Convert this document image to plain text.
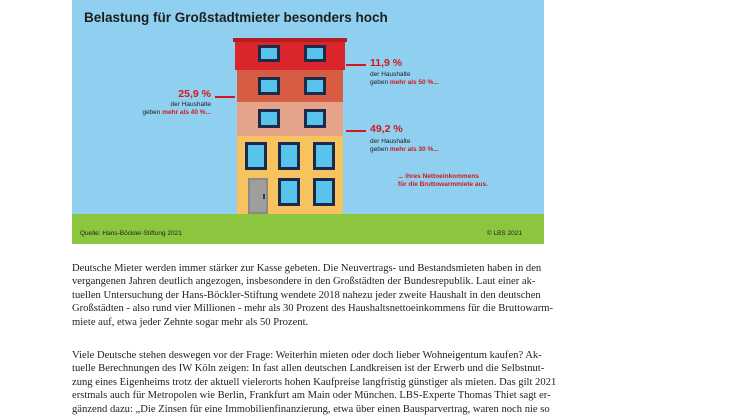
Belastung für Großstadtmieter besonders hoch
11,9 %
der Haushalte
geben mehr als 50 %...
25,9 %
der Haushalte
geben mehr als 40 %...
49,2 %
der Haushalte
geben mehr als 30 %...
... ihres Nettoeinkommens
für die Bruttowarmmiete aus.
Quelle: Hans-Böckler-Stiftung 2021	© LBS 2021

Deutsche Mieter werden immer stärker zur Kasse gebeten. Die Neuvertrags- und Bestandsmieten haben in den
vergangenen Jahren deutlich angezogen, insbesondere in den Großstädten der Bundesrepublik. Laut einer ak-
tuellen Untersuchung der Hans-Böckler-Stiftung wendete 2018 nahezu jeder zweite Haushalt in den deutschen
Großstädten - also rund vier Millionen - mehr als 30 Prozent des Haushaltsnettoeinkommens für die Bruttowarm-
miete auf, etwa jeder Zehnte sogar mehr als 50 Prozent.

Viele Deutsche stehen deswegen vor der Frage: Weiterhin mieten oder doch lieber Wohneigentum kaufen? Ak-
tuelle Berechnungen des IW Köln zeigen: In fast allen deutschen Landkreisen ist der Erwerb und die Selbstnut-
zung eines Eigenheims trotz der aktuell vielerorts hohen Kaufpreise langfristig günstiger als mieten. Das gilt 2021
erstmals auch für Metropolen wie Berlin, Frankfurt am Main oder München. LBS-Experte Thomas Thiet sagt er-
gänzend dazu: „Die Zinsen für eine Immobilienfinanzierung, etwa über einen Bausparvertrag, waren noch nie so
